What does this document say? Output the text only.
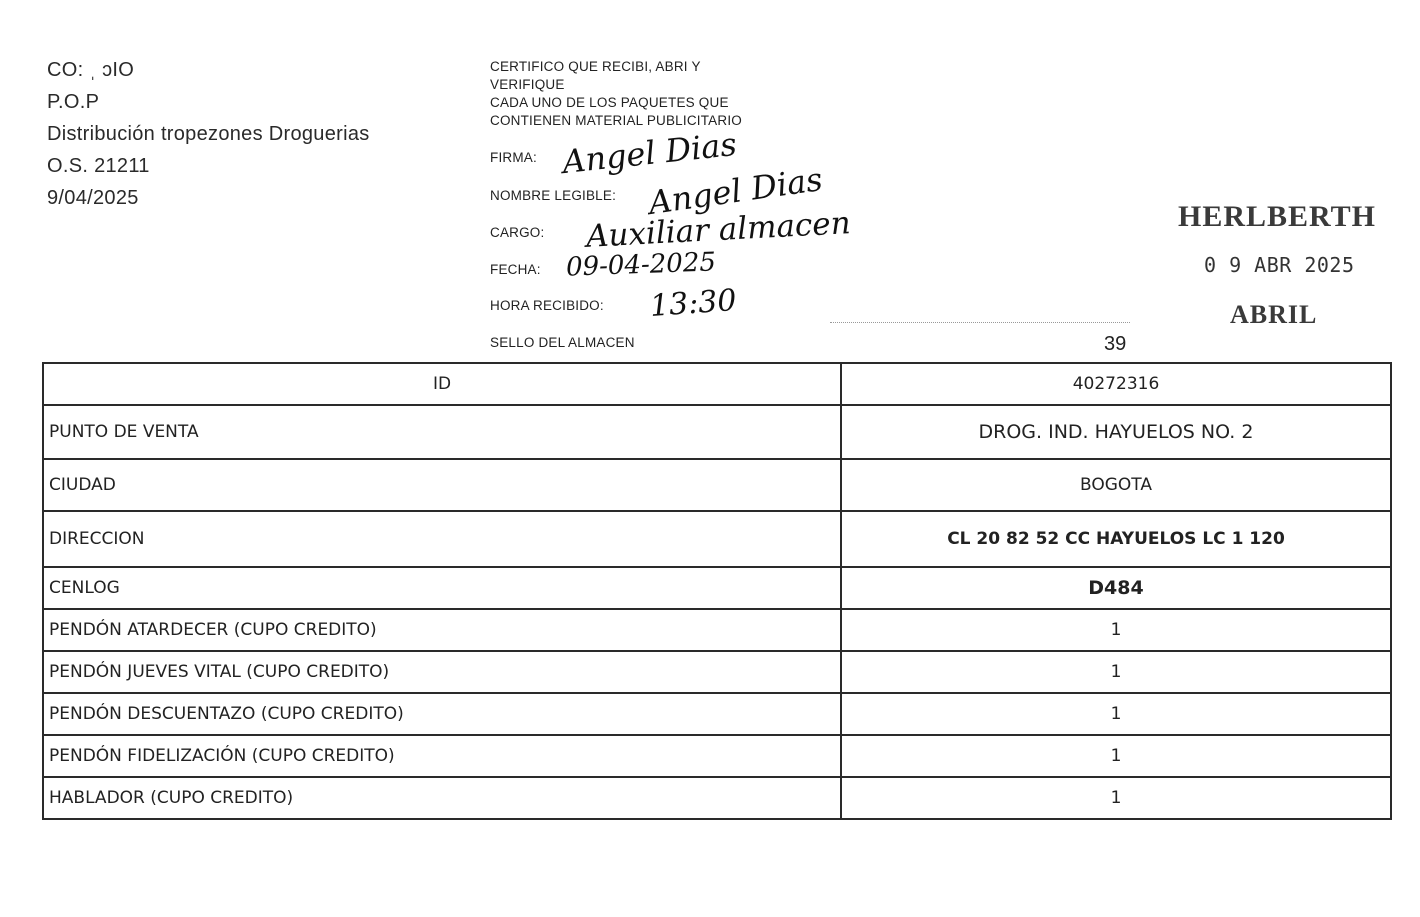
CO: ˌ ɔIO
P.O.P
Distribución tropezones Droguerias
O.S. 21211
9/04/2025
CERTIFICO QUE RECIBI, ABRI Y
VERIFIQUE
CADA UNO DE LOS PAQUETES QUE
CONTIENEN MATERIAL PUBLICITARIO
FIRMA: Angel Dias
NOMBRE LEGIBLE: Angel Dias
CARGO: Auxiliar almacen
FECHA: 09-04-2025
HORA RECIBIDO: 13:30
SELLO DEL ALMACEN
HERLBERTH
0 9 ABR 2025
ABRIL
39
ID	40272316
PUNTO DE VENTA	DROG. IND. HAYUELOS NO. 2
CIUDAD	BOGOTA
DIRECCION	CL 20 82 52 CC HAYUELOS LC 1 120
CENLOG	D484
PENDÓN ATARDECER (CUPO CREDITO)	1
PENDÓN JUEVES VITAL (CUPO CREDITO)	1
PENDÓN DESCUENTAZO (CUPO CREDITO)	1
PENDÓN FIDELIZACIÓN (CUPO CREDITO)	1
HABLADOR (CUPO CREDITO)	1
